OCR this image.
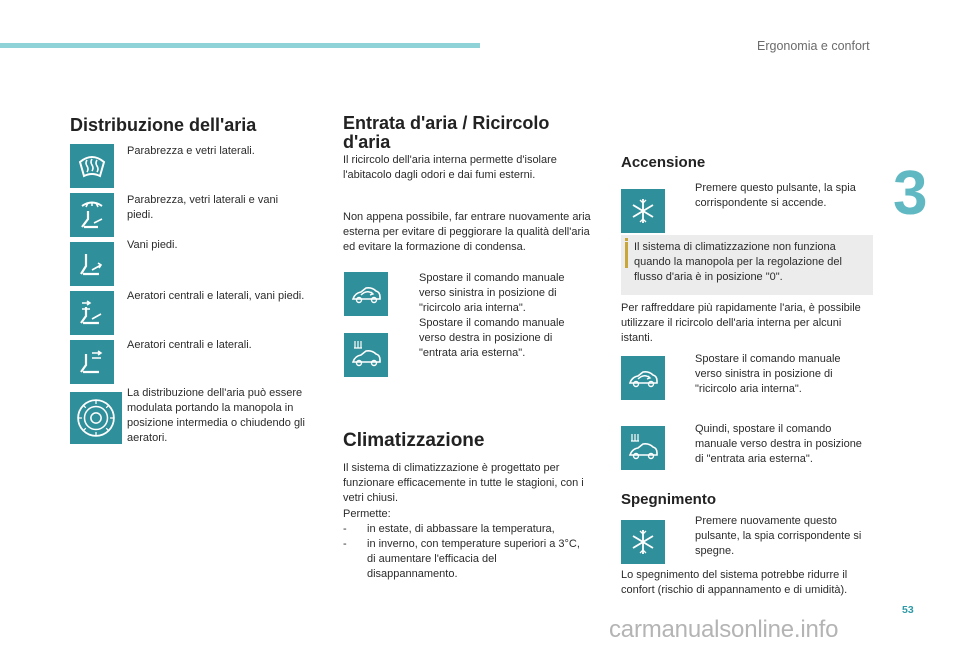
Ergonomia e confort
3
53
Distribuzione dell'aria
Parabrezza e vetri laterali.
Parabrezza, vetri laterali e vani piedi.
Vani piedi.
Aeratori centrali e laterali, vani piedi.
Aeratori centrali e laterali.
La distribuzione dell'aria può essere modulata portando la manopola in posizione intermedia o chiudendo gli aeratori.
Entrata d'aria / Ricircolo
d'aria
Il ricircolo dell'aria interna permette d'isolare l'abitacolo dagli odori e dai fumi esterni.
Non appena possibile, far entrare nuovamente aria esterna per evitare di peggiorare la qualità dell'aria ed evitare la formazione di condensa.
Spostare il comando manuale verso sinistra in posizione di "ricircolo aria interna".
Spostare il comando manuale verso destra in posizione di "entrata aria esterna".
Climatizzazione
Il sistema di climatizzazione è progettato per funzionare efficacemente in tutte le stagioni, con i vetri chiusi.
Permette:
- in estate, di abbassare la temperatura,
- in inverno, con temperature superiori a 3°C, di aumentare l'efficacia del disappannamento.
Accensione
Premere questo pulsante, la spia corrispondente si accende.
Il sistema di climatizzazione non funziona quando la manopola per la regolazione del flusso d'aria è in posizione "0".
Per raffreddare più rapidamente l'aria, è possibile utilizzare il ricircolo dell'aria interna per alcuni istanti.
Spostare il comando manuale verso sinistra in posizione di "ricircolo aria interna".
Quindi, spostare il comando manuale verso destra in posizione di "entrata aria esterna".
Spegnimento
Premere nuovamente questo pulsante, la spia corrispondente si spegne.
Lo spegnimento del sistema potrebbe ridurre il confort (rischio di appannamento e di umidità).
carmanualsonline.info
